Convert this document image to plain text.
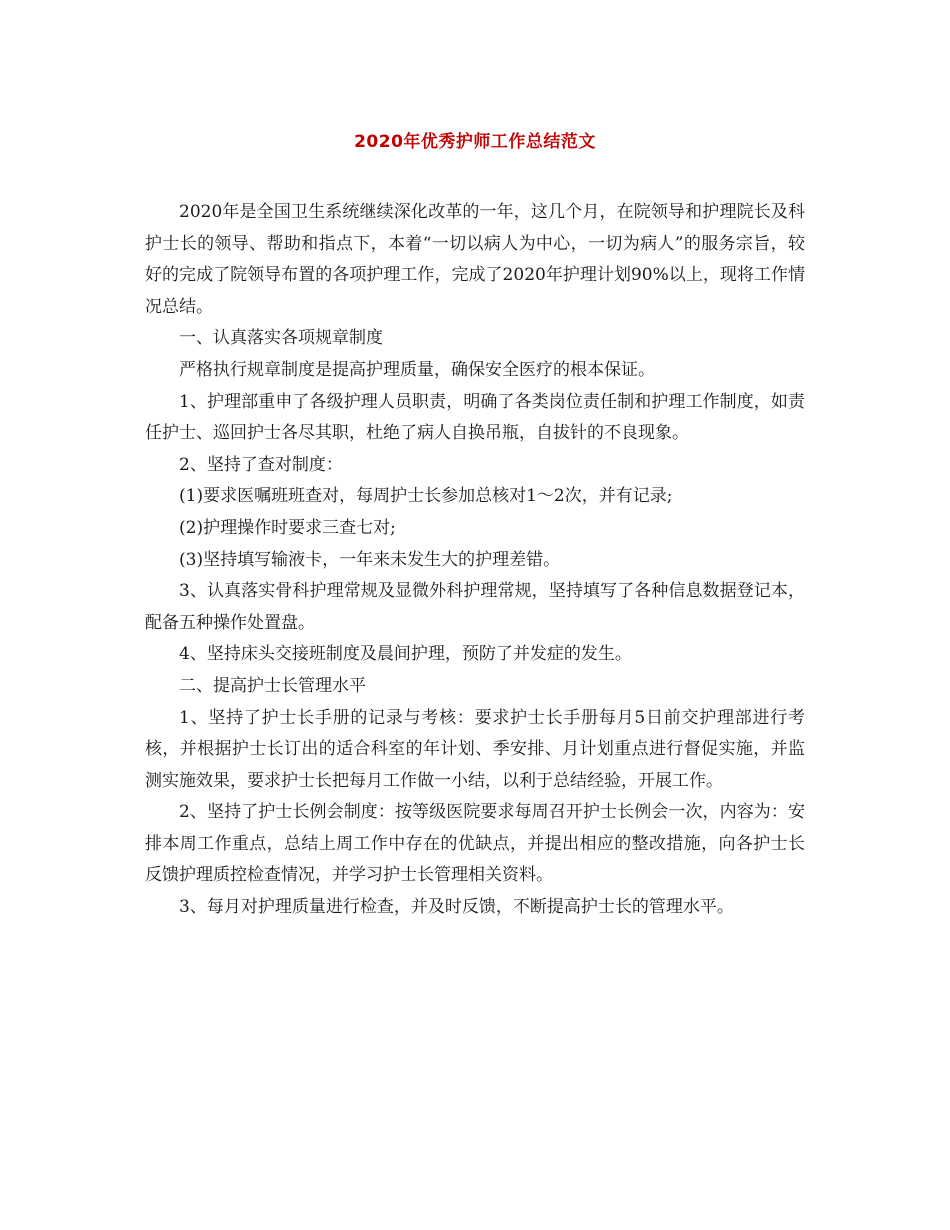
2020年优秀护师工作总结范文

2020年是全国卫生系统继续深化改革的一年，这几个月，在院领导和护理院长及科护士长的领导、帮助和指点下，本着“一切以病人为中心，一切为病人”的服务宗旨，较好的完成了院领导布置的各项护理工作，完成了2020年护理计划90%以上，现将工作情况总结。

一、认真落实各项规章制度

严格执行规章制度是提高护理质量，确保安全医疗的根本保证。

1、护理部重申了各级护理人员职责，明确了各类岗位责任制和护理工作制度，如责任护士、巡回护士各尽其职，杜绝了病人自换吊瓶，自拔针的不良现象。

2、坚持了查对制度：

(1)要求医嘱班班查对，每周护士长参加总核对1～2次，并有记录;

(2)护理操作时要求三查七对;

(3)坚持填写输液卡，一年来未发生大的护理差错。

3、认真落实骨科护理常规及显微外科护理常规，坚持填写了各种信息数据登记本，配备五种操作处置盘。

4、坚持床头交接班制度及晨间护理，预防了并发症的发生。

二、提高护士长管理水平

1、坚持了护士长手册的记录与考核：要求护士长手册每月5日前交护理部进行考核，并根据护士长订出的适合科室的年计划、季安排、月计划重点进行督促实施，并监测实施效果，要求护士长把每月工作做一小结，以利于总结经验，开展工作。

2、坚持了护士长例会制度：按等级医院要求每周召开护士长例会一次，内容为：安排本周工作重点，总结上周工作中存在的优缺点，并提出相应的整改措施，向各护士长反馈护理质控检查情况，并学习护士长管理相关资料。

3、每月对护理质量进行检查，并及时反馈，不断提高护士长的管理水平。
